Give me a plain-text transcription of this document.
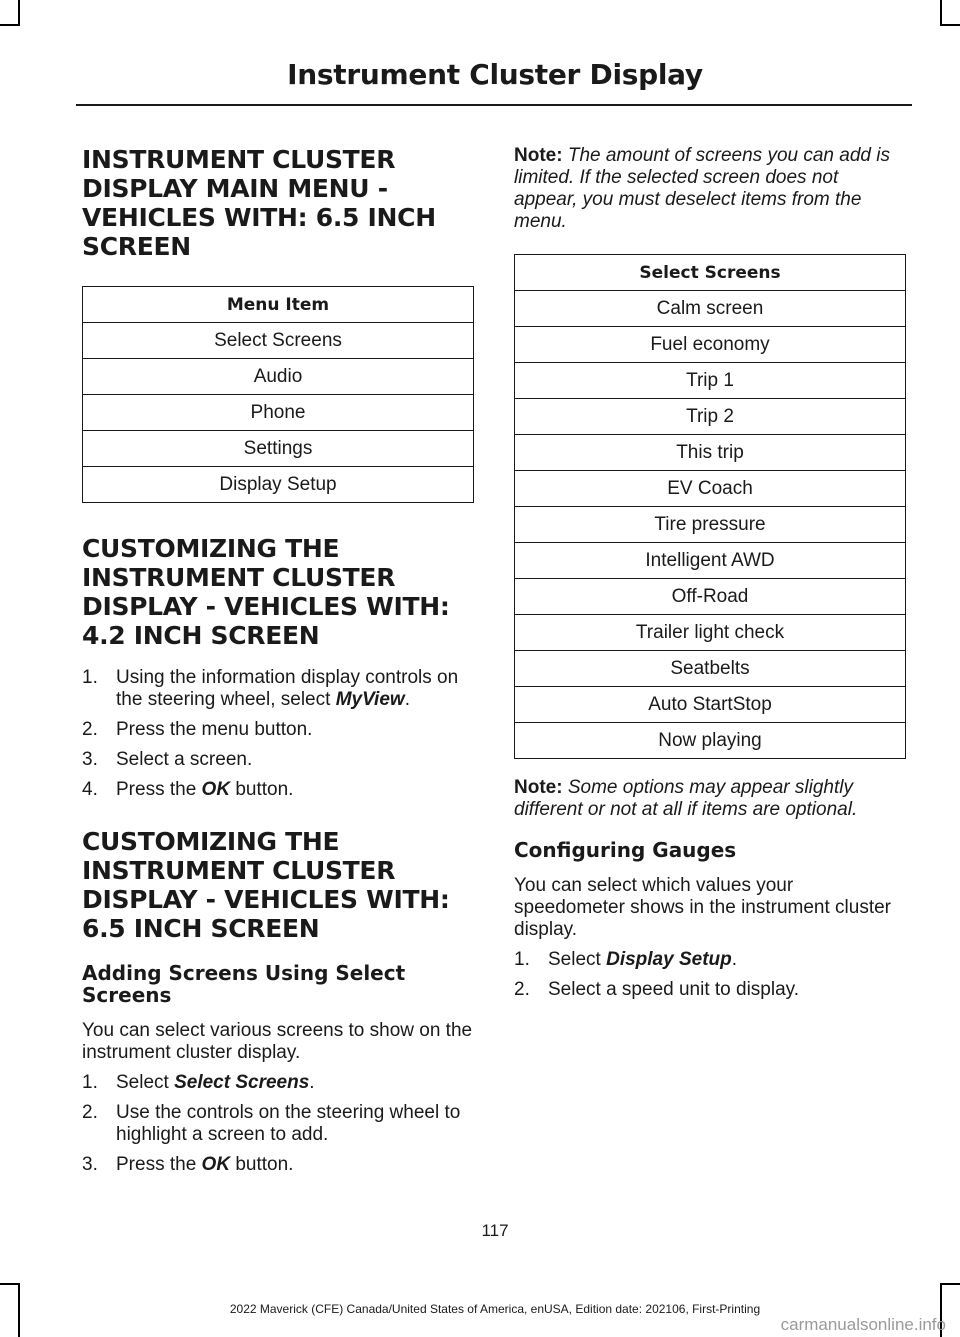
Instrument Cluster Display
INSTRUMENT CLUSTER DISPLAY MAIN MENU - VEHICLES WITH: 6.5 INCH SCREEN
Menu Item
Select Screens
Audio
Phone
Settings
Display Setup
CUSTOMIZING THE INSTRUMENT CLUSTER DISPLAY - VEHICLES WITH: 4.2 INCH SCREEN
1. Using the information display controls on the steering wheel, select MyView.
2. Press the menu button.
3. Select a screen.
4. Press the OK button.
CUSTOMIZING THE INSTRUMENT CLUSTER DISPLAY - VEHICLES WITH: 6.5 INCH SCREEN
Adding Screens Using Select Screens

You can select various screens to show on the instrument cluster display.

1. Select Select Screens.
2. Use the controls on the steering wheel to highlight a screen to add.
3. Press the OK button.

Note: The amount of screens you can add is limited. If the selected screen does not appear, you must deselect items from the menu.

Select Screens
Calm screen
Fuel economy
Trip 1
Trip 2
This trip
EV Coach
Tire pressure
Intelligent AWD
Off-Road
Trailer light check
Seatbelts
Auto StartStop
Now playing

Note: Some options may appear slightly different or not at all if items are optional.

Configuring Gauges

You can select which values your speedometer shows in the instrument cluster display.

1. Select Display Setup.
2. Select a speed unit to display.
117
2022 Maverick (CFE) Canada/United States of America, enUSA, Edition date: 202106, First-Printing
carmanualsonline.info
